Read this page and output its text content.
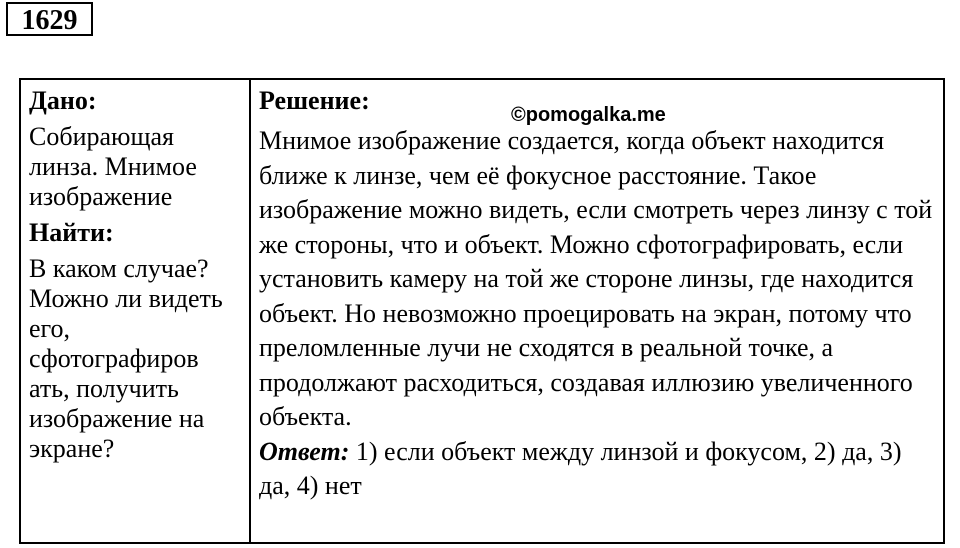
1629
Дано:
Собирающая линза. Мнимое изображение
Найти:
В каком случае? Можно ли видеть его, сфотографиров ать, получить изображение на экране?

Решение:	©pomogalka.me
Мнимое изображение создается, когда объект находится ближе к линзе, чем её фокусное расстояние. Такое изображение можно видеть, если смотреть через линзу с той же стороны, что и объект. Можно сфотографировать, если установить камеру на той же стороне линзы, где находится объект. Но невозможно проецировать на экран, потому что преломленные лучи не сходятся в реальной точке, а продолжают расходиться, создавая иллюзию увеличенного объекта.
Ответ: 1) если объект между линзой и фокусом, 2) да, 3) да, 4) нет
